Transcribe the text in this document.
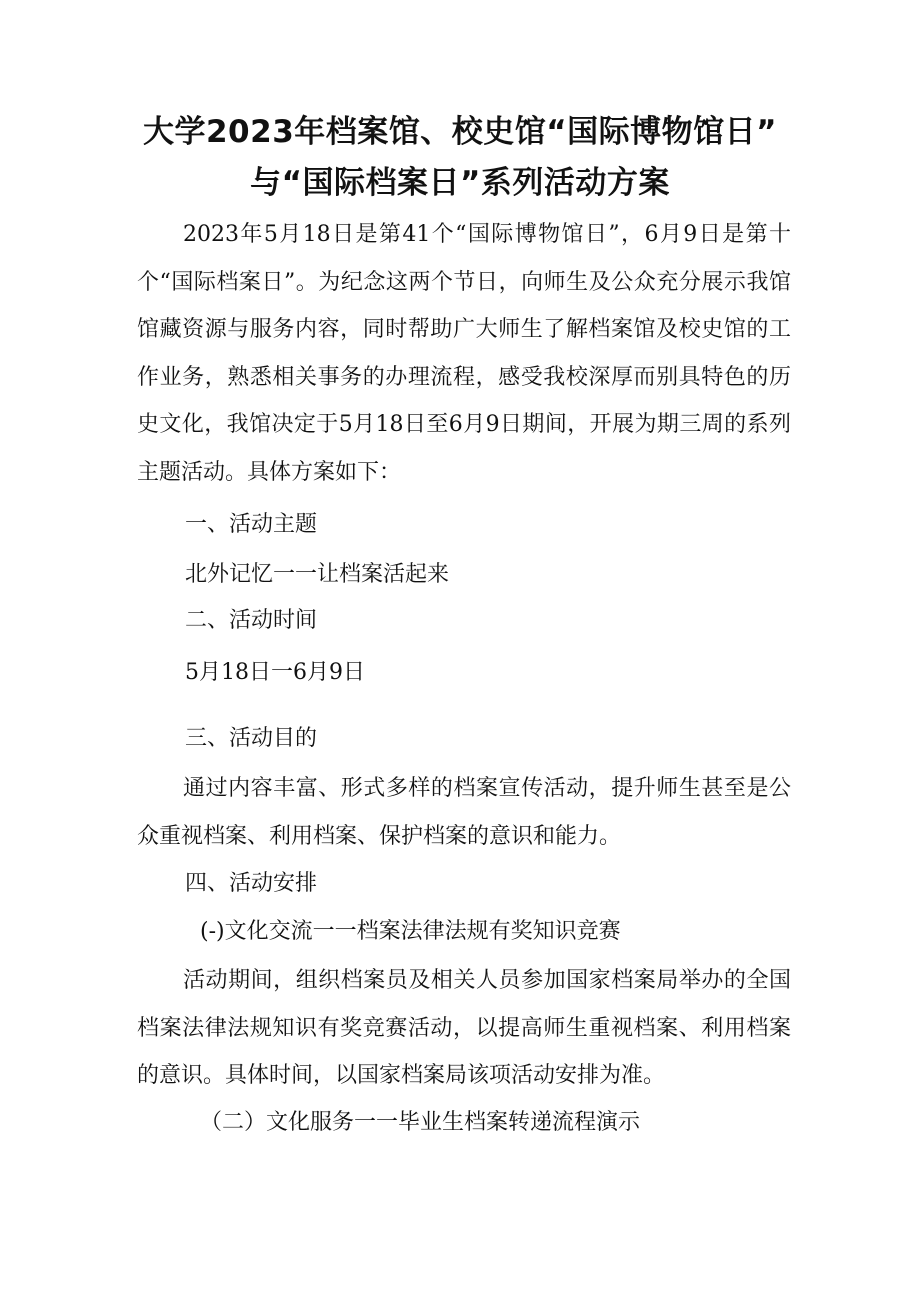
大学2023年档案馆、校史馆“国际博物馆日”
与“国际档案日”系列活动方案

2023年5月18日是第41个“国际博物馆日”，6月9日是第十个“国际档案日”。为纪念这两个节日，向师生及公众充分展示我馆馆藏资源与服务内容，同时帮助广大师生了解档案馆及校史馆的工作业务，熟悉相关事务的办理流程，感受我校深厚而别具特色的历史文化，我馆决定于5月18日至6月9日期间，开展为期三周的系列主题活动。具体方案如下：

一、活动主题

北外记忆一一让档案活起来

二、活动时间

5月18日一6月9日

三、活动目的

通过内容丰富、形式多样的档案宣传活动，提升师生甚至是公众重视档案、利用档案、保护档案的意识和能力。

四、活动安排

(-)文化交流一一档案法律法规有奖知识竞赛

活动期间，组织档案员及相关人员参加国家档案局举办的全国档案法律法规知识有奖竞赛活动，以提高师生重视档案、利用档案的意识。具体时间，以国家档案局该项活动安排为准。

（二）文化服务一一毕业生档案转递流程演示
